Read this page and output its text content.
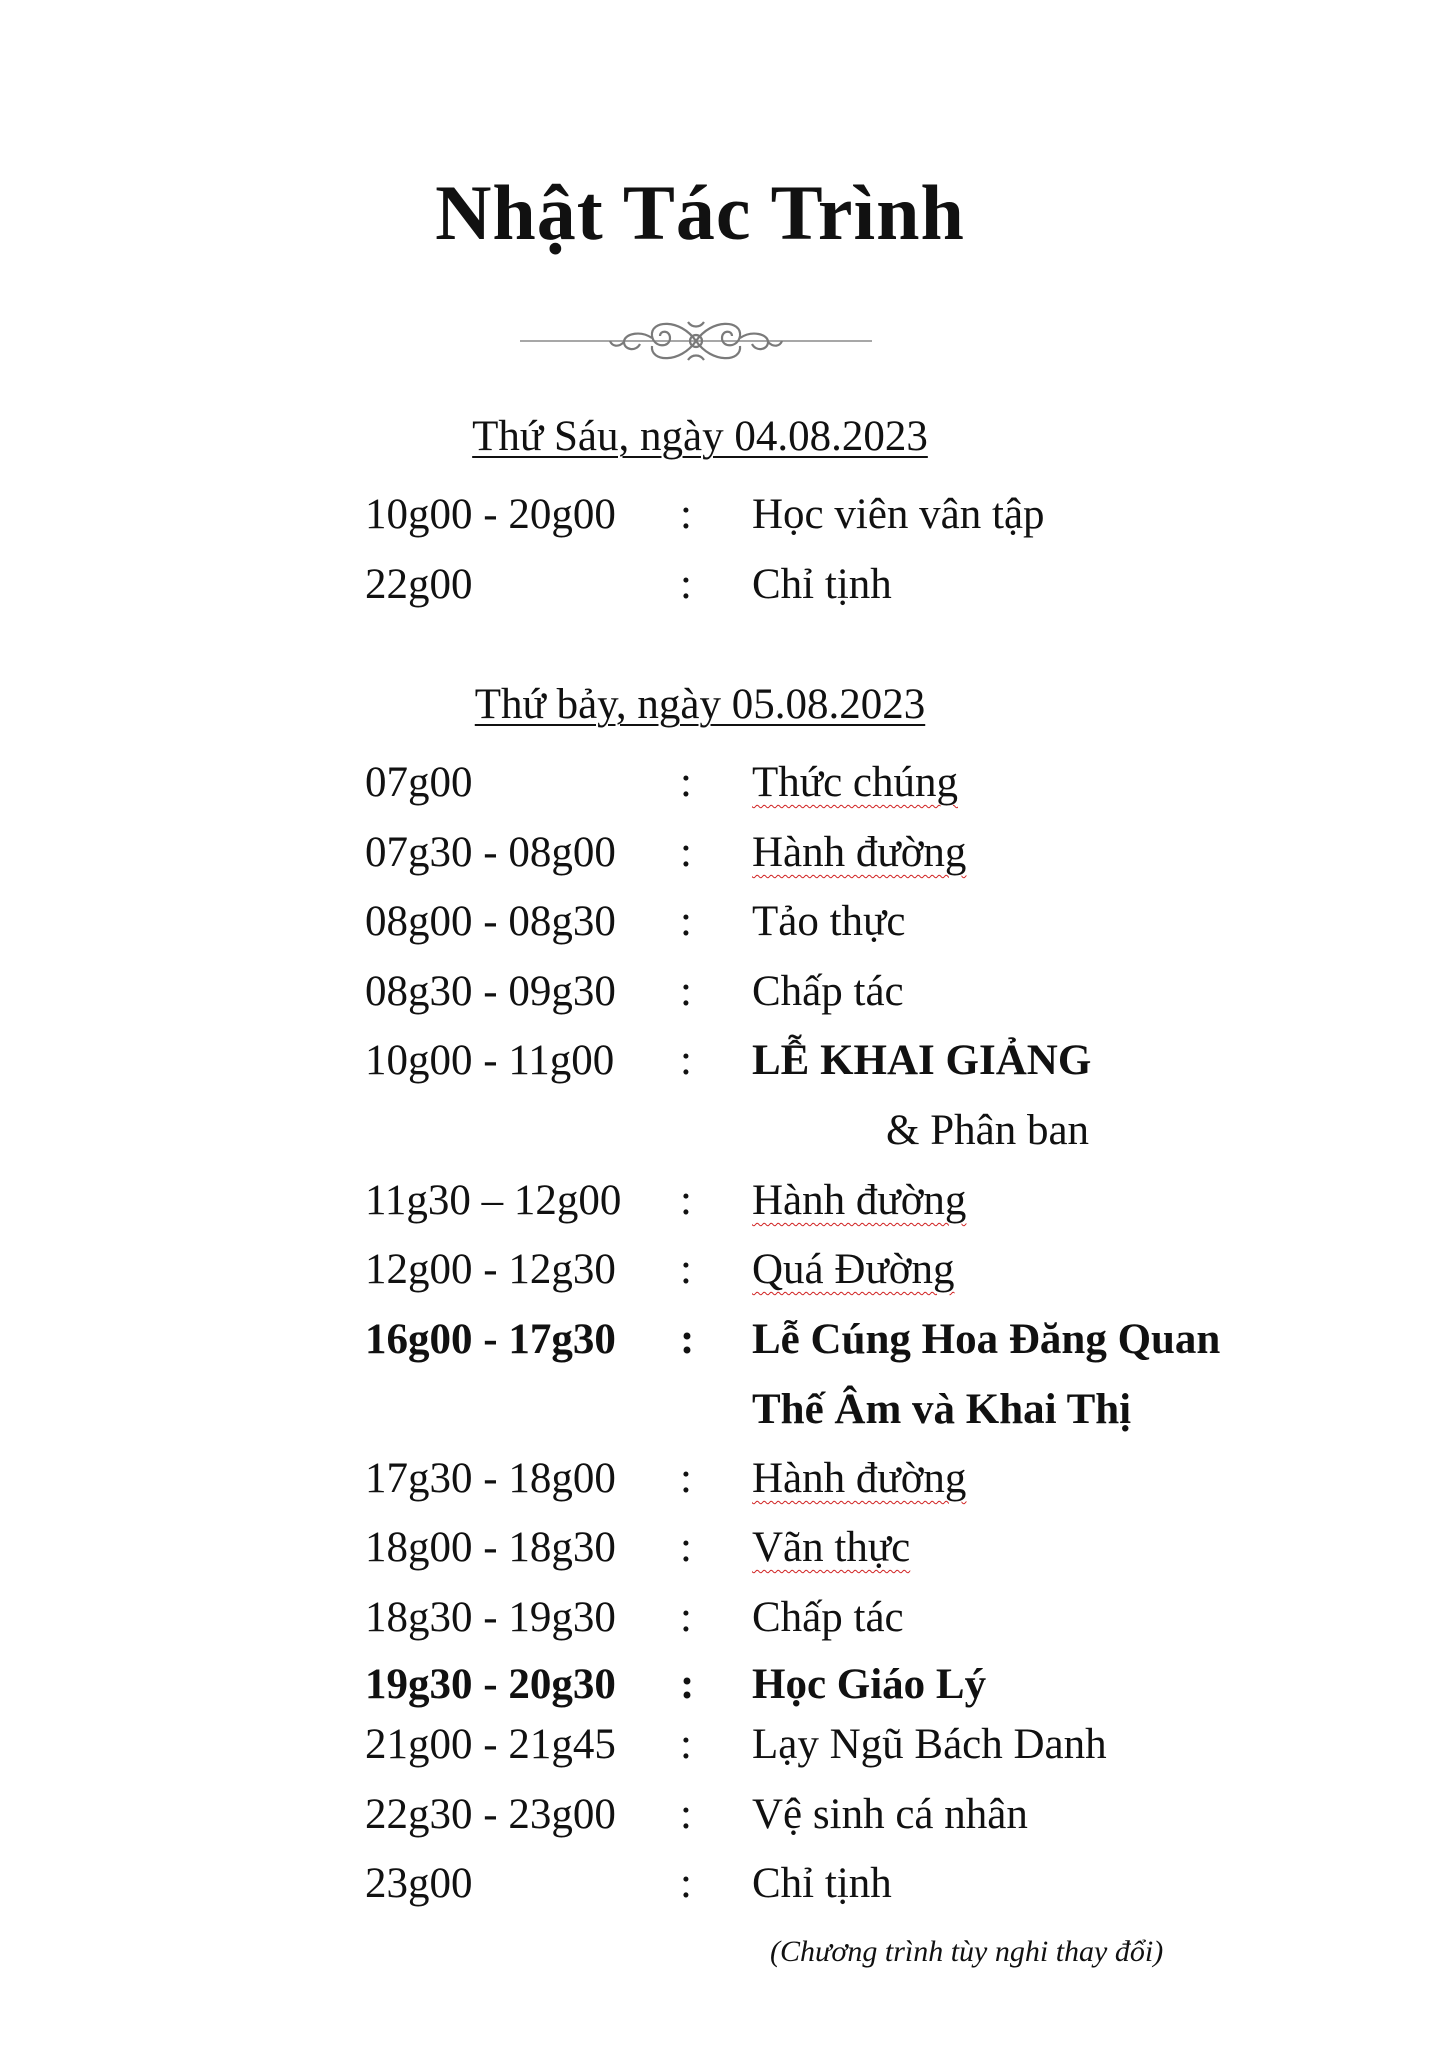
Nhật Tác Trình
Thứ Sáu, ngày 04.08.2023
10g00 - 20g00 : Học viên vân tập
22g00	: Chỉ tịnh
Thứ bảy, ngày 05.08.2023
07g00	: Thức chúng
07g30 - 08g00 : Hành đường
08g00 - 08g30 : Tảo thực
08g30 - 09g30 : Chấp tác
10g00 - 11g00 : LỄ KHAI GIẢNG
& Phân ban
11g30 – 12g00 : Hành đường
12g00 - 12g30 : Quá Đường
16g00 - 17g30 : Lễ Cúng Hoa Đăng Quan
Thế Âm và Khai Thị
17g30 - 18g00 : Hành đường
18g00 - 18g30 : Vãn thực
18g30 - 19g30 : Chấp tác
19g30 - 20g30 : Học Giáo Lý
21g00 - 21g45 : Lạy Ngũ Bách Danh
22g30 - 23g00 : Vệ sinh cá nhân
23g00	: Chỉ tịnh
(Chương trình tùy nghi thay đổi)
